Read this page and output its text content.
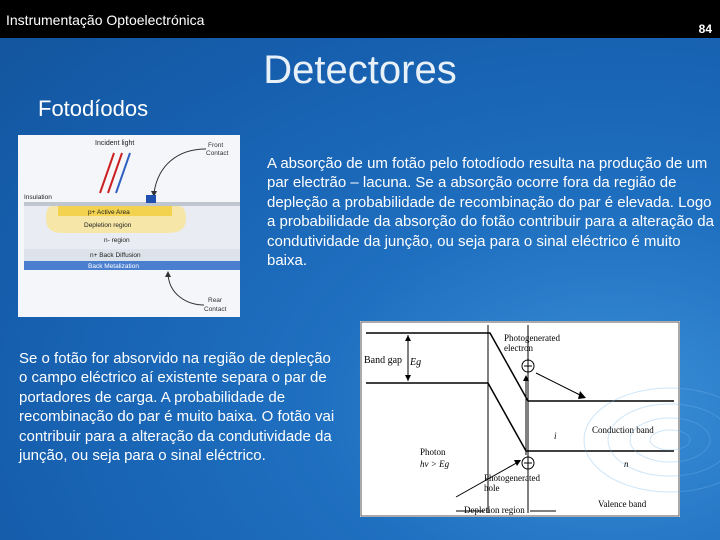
Instrumentação Optoelectrónica
84
Detectores
Fotodíodos
Incident light	Front
Contact
Insulation
p+ Active Area
Depletion region
n- region
n+ Back Diffusion
Back Metalization
Rear
Contact
A absorção de um fotão pelo fotodíodo resulta na produção de um par electrão – lacuna. Se a absorção ocorre fora da região de depleção a probabilidade de recombinação do par é elevada. Logo a probabilidade da absorção do fotão contribuir para a alteração da condutividade da junção, ou seja para o sinal eléctrico é muito baixa.
Se o fotão for absorvido na região de depleção o campo eléctrico aí existente separa o par de portadores de carga. A probabilidade de recombinação do par é muito baixa. O fotão vai contribuir para a alteração da condutividade da junção, ou seja para o sinal eléctrico.
Band gap Eg
Photogenerated
electron
Conduction band
i
Photon
hν > Eg
Photogenerated
hole
n
Valence band
Depletion region
